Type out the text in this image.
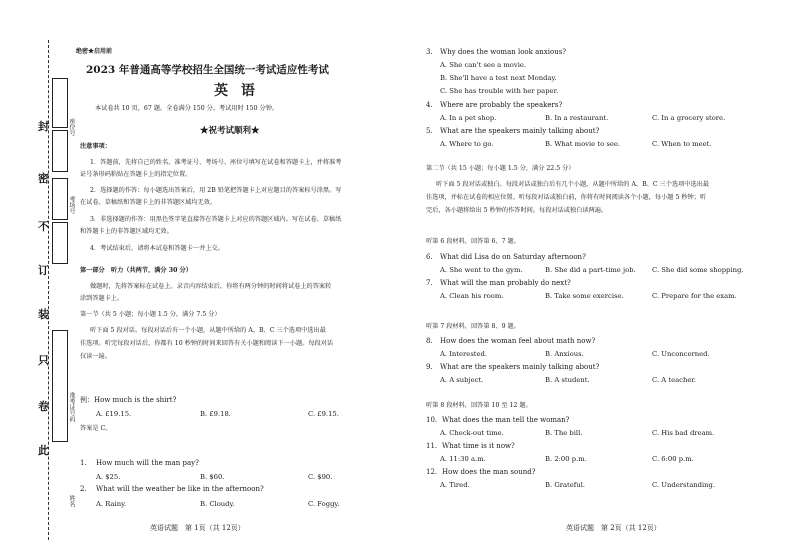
封
密
不
订
装
只
卷
此
座位号
考场号
准考证号码
姓名
绝密★启用前
2023 年普通高等学校招生全国统一考试适应性考试
英 语
本试卷共 10 页，67 题。全卷满分 150 分。考试用时 150 分钟。
★祝考试顺利★
注意事项：
1．答题前，先将自己的姓名、准考证号、考场号、座位号填写在试卷和答题卡上，并将准考
证号条形码粘贴在答题卡上的指定位置。
2．选择题的作答：每小题选出答案后，用 2B 铅笔把答题卡上对应题目的答案标号涂黑。写
在试卷、草稿纸和答题卡上的非答题区域均无效。
3．非选择题的作答：用黑色签字笔直接答在答题卡上对应的答题区域内。写在试卷、草稿纸
和答题卡上的非答题区域均无效。
4．考试结束后，请将本试卷和答题卡一并上交。
第一部分　听力（共两节，满分 30 分）
做题时，先将答案标在试卷上。录音内容结束后，你将有两分钟的时间将试卷上的答案转
涂到答题卡上。
第一节（共 5 小题；每小题 1.5 分，满分 7.5 分）
听下面 5 段对话。每段对话后有一个小题，从题中所给的 A、B、C 三个选项中选出最
佳选项。听完每段对话后，你都有 10 秒钟的时间来回答有关小题和阅读下一小题。每段对话
仅读一遍。
例：How much is the shirt?
A. £19.15.	B. £9.18.	C. £9.15.
答案是 C。
1. How much will the man pay?
A. $25.	B. $60.	C. $90.
2. What will the weather be like in the afternoon?
A. Rainy.	B. Cloudy.	C. Foggy.
英语试题　第 1页（共 12页）
3. Why does the woman look anxious?
A. She can't see a movie.
B. She'll have a test next Monday.
C. She has trouble with her paper.
4. Where are probably the speakers?
A. In a pet shop.	B. In a restaurant.	C. In a grocery store.
5. What are the speakers mainly talking about?
A. Where to go.	B. What movie to see.	C. When to meet.
第二节（共 15 小题；每小题 1.5 分，满分 22.5 分）
听下面 5 段对话或独白。每段对话或独白后有几个小题，从题中所给的 A、B、C 三个选项中选出最
佳选项，并标在试卷的相应位置。听每段对话或独白前，你将有时间阅读各个小题，每小题 5 秒钟；听
完后，各小题将给出 5 秒钟的作答时间。每段对话或独白读两遍。
听第 6 段材料，回答第 6、7 题。
6. What did Lisa do on Saturday afternoon?
A. She went to the gym.	B. She did a part-time job. C. She did some shopping.
7. What will the man probably do next?
A. Clean his room.	B. Take some exercise.	C. Prepare for the exam.
听第 7 段材料，回答第 8、9 题。
8. How does the woman feel about math now?
A. Interested.	B. Anxious.	C. Unconcerned.
9. What are the speakers mainly talking about?
A. A subject.	B. A student.	C. A teacher.
听第 8 段材料，回答第 10 至 12 题。
10. What does the man tell the woman?
A. Check-out time.	B. The bill.	C. His bad dream.
11. What time is it now?
A. 11:30 a.m.	B. 2:00 p.m.	C. 6:00 p.m.
12. How does the man sound?
A. Tired.	B. Grateful.	C. Understanding.
英语试题　第 2页（共 12页）
